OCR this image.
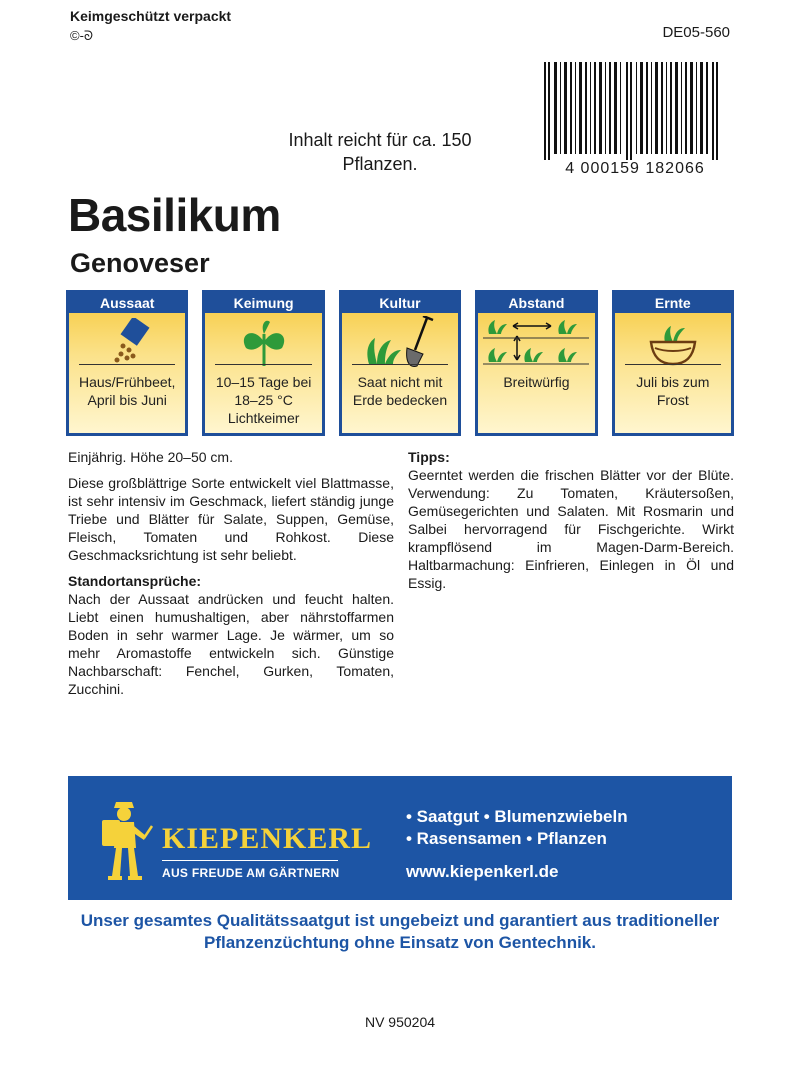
Keimgeschützt verpackt
©-ᘐ	DE05-560
4 000159 182066
Inhalt reicht für ca. 150 Pflanzen.
Basilikum
Genoveser
Aussaat
Haus/Frühbeet, April bis Juni
Keimung
10–15 Tage bei 18–25 °C Lichtkeimer
Kultur
Saat nicht mit Erde bedecken
Abstand
Breitwürfig
Ernte
Juli bis zum Frost

Einjährig. Höhe 20–50 cm.

Diese großblättrige Sorte entwickelt viel Blattmasse, ist sehr intensiv im Geschmack, liefert ständig junge Triebe und Blätter für Salate, Suppen, Gemüse, Fleisch, Tomaten und Rohkost. Diese Geschmacksrichtung ist sehr beliebt.

Standortansprüche:

Nach der Aussaat andrücken und feucht halten. Liebt einen humushaltigen, aber nährstoffarmen Boden in sehr warmer Lage. Je wärmer, um so mehr Aromastoffe entwickeln sich. Günstige Nachbarschaft: Fenchel, Gurken, Tomaten, Zucchini.

Tipps:

Geerntet werden die frischen Blätter vor der Blüte. Verwendung: Zu Tomaten, Kräutersoßen, Gemüsegerichten und Salaten. Mit Rosmarin und Salbei hervorragend für Fischgerichte. Wirkt krampflösend im Magen-Darm-Bereich. Haltbarmachung: Einfrieren, Einlegen in Öl und Essig.

KIEPENKERL
AUS FREUDE AM GÄRTNERN
• Saatgut • Blumenzwiebeln
• Rasensamen • Pflanzen
www.kiepenkerl.de
Unser gesamtes Qualitätssaatgut ist ungebeizt und garantiert aus traditioneller Pflanzenzüchtung ohne Einsatz von Gentechnik.
NV 950204
